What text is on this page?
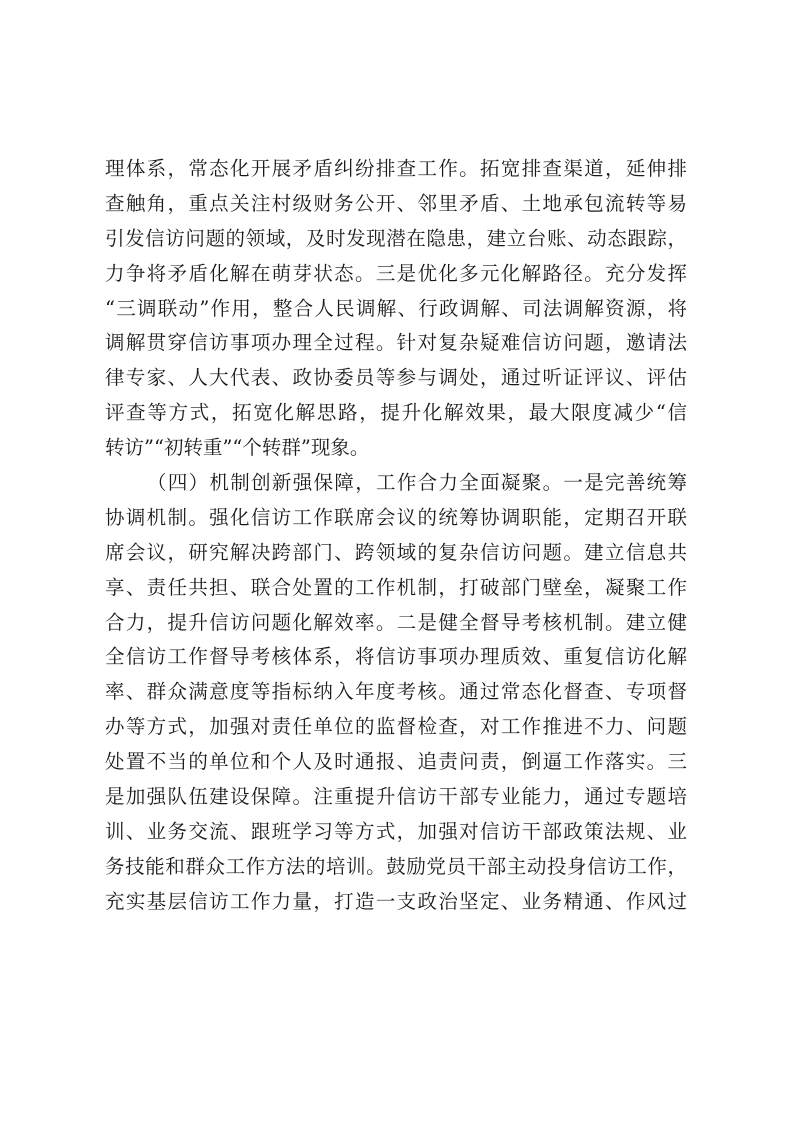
理体系，常态化开展矛盾纠纷排查工作。拓宽排查渠道，延伸排
查触角，重点关注村级财务公开、邻里矛盾、土地承包流转等易
引发信访问题的领域，及时发现潜在隐患，建立台账、动态跟踪，
力争将矛盾化解在萌芽状态。三是优化多元化解路径。充分发挥
“三调联动”作用，整合人民调解、行政调解、司法调解资源，将
调解贯穿信访事项办理全过程。针对复杂疑难信访问题，邀请法
律专家、人大代表、政协委员等参与调处，通过听证评议、评估
评查等方式，拓宽化解思路，提升化解效果，最大限度减少“信
转访”“初转重”“个转群”现象。
（四）机制创新强保障，工作合力全面凝聚。一是完善统筹
协调机制。强化信访工作联席会议的统筹协调职能，定期召开联
席会议，研究解决跨部门、跨领域的复杂信访问题。建立信息共
享、责任共担、联合处置的工作机制，打破部门壁垒，凝聚工作
合力，提升信访问题化解效率。二是健全督导考核机制。建立健
全信访工作督导考核体系，将信访事项办理质效、重复信访化解
率、群众满意度等指标纳入年度考核。通过常态化督查、专项督
办等方式，加强对责任单位的监督检查，对工作推进不力、问题
处置不当的单位和个人及时通报、追责问责，倒逼工作落实。三
是加强队伍建设保障。注重提升信访干部专业能力，通过专题培
训、业务交流、跟班学习等方式，加强对信访干部政策法规、业
务技能和群众工作方法的培训。鼓励党员干部主动投身信访工作，
充实基层信访工作力量，打造一支政治坚定、业务精通、作风过
